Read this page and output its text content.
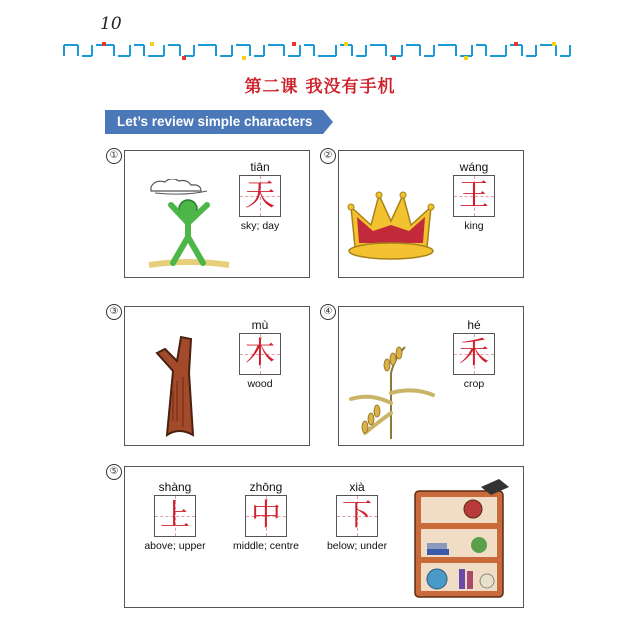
10
第二课 我没有手机
Let’s review simple characters
①
tiān
天
sky; day
②
wáng
王
king
③
mù
木
wood
④
hé
禾
crop
⑤
shàng
上
above; upper
zhōng
中
middle; centre
xià
下
below; under
